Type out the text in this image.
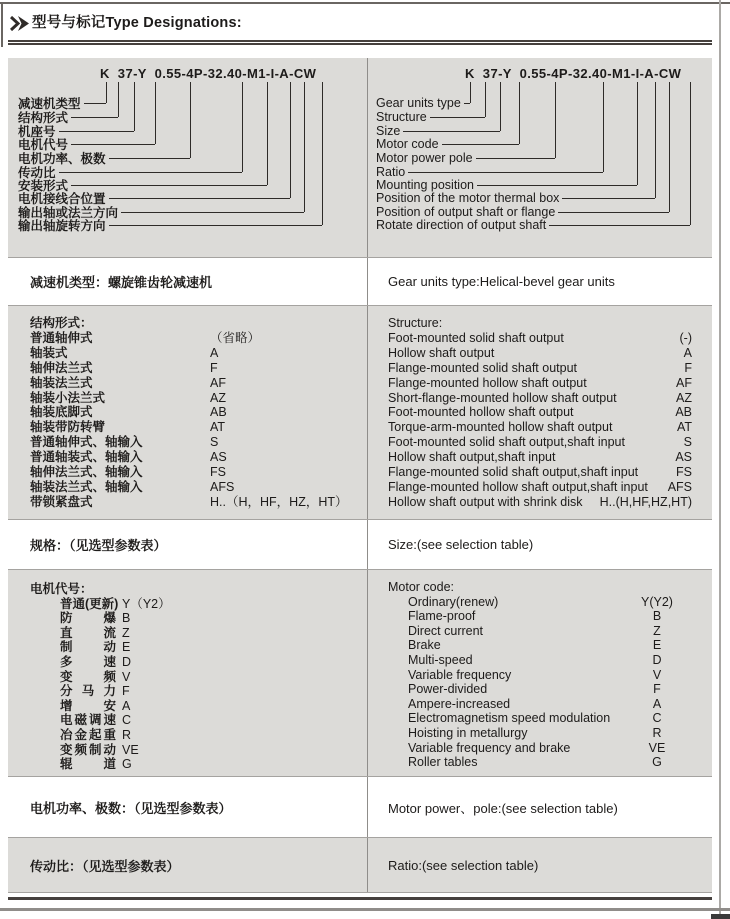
型号与标记Type Designations:
K  37-Y  0.55-4P-32.40-M1-I-A-CW
减速机类型
结构形式
机座号
电机代号
电机功率、极数
传动比
安装形式
电机接线合位置
输出轴或法兰方向
输出轴旋转方向
K  37-Y  0.55-4P-32.40-M1-I-A-CW
Gear units type
Structure
Size
Motor code
Motor power pole
Ratio
Mounting position
Position of the motor thermal box
Position of output shaft or flange
Rotate direction of output shaft
减速机类型：螺旋锥齿轮减速机	Gear units type:Helical-bevel gear units
结构形式：
普通轴伸式	（省略）
轴装式	A
轴伸法兰式	F
轴装法兰式	AF
轴装小法兰式	AZ
轴装底脚式	AB
轴装带防转臂	AT
普通轴伸式、轴输入	S
普通轴装式、轴输入	AS
轴伸法兰式、轴输入	FS
轴装法兰式、轴输入	AFS
带锁紧盘式	H..（H，HF，HZ，HT）
Structure:
Foot-mounted solid shaft output	(-)
Hollow shaft output	A
Flange-mounted solid shaft output	F
Flange-mounted hollow shaft output	AF
Short-flange-mounted hollow shaft output	AZ
Foot-mounted hollow shaft output	AB
Torque-arm-mounted hollow shaft output	AT
Foot-mounted solid shaft output,shaft input	S
Hollow shaft output,shaft input	AS
Flange-mounted solid shaft output,shaft input	FS
Flange-mounted hollow shaft output,shaft input	AFS
Hollow shaft output with shrink disk	H..(H,HF,HZ,HT)
规格：（见选型参数表）	Size:(see selection table)
电机代号：
普通(更新) Y（Y2）
防爆 B
直流 Z
制动 E
多速 D
变频 V
分马力 F
增安 A
电磁调速 C
冶金起重 R
变频制动 VE
辊道 G
Motor code:
Ordinary(renew)	Y(Y2)
Flame-proof	B
Direct current	Z
Brake	E
Multi-speed	D
Variable frequency	V
Power-divided	F
Ampere-increased	A
Electromagnetism speed modulation	C
Hoisting in metallurgy	R
Variable frequency and brake	VE
Roller tables	G
电机功率、极数：（见选型参数表）	Motor power、pole:(see selection table)
传动比：（见选型参数表）	Ratio:(see selection table)
